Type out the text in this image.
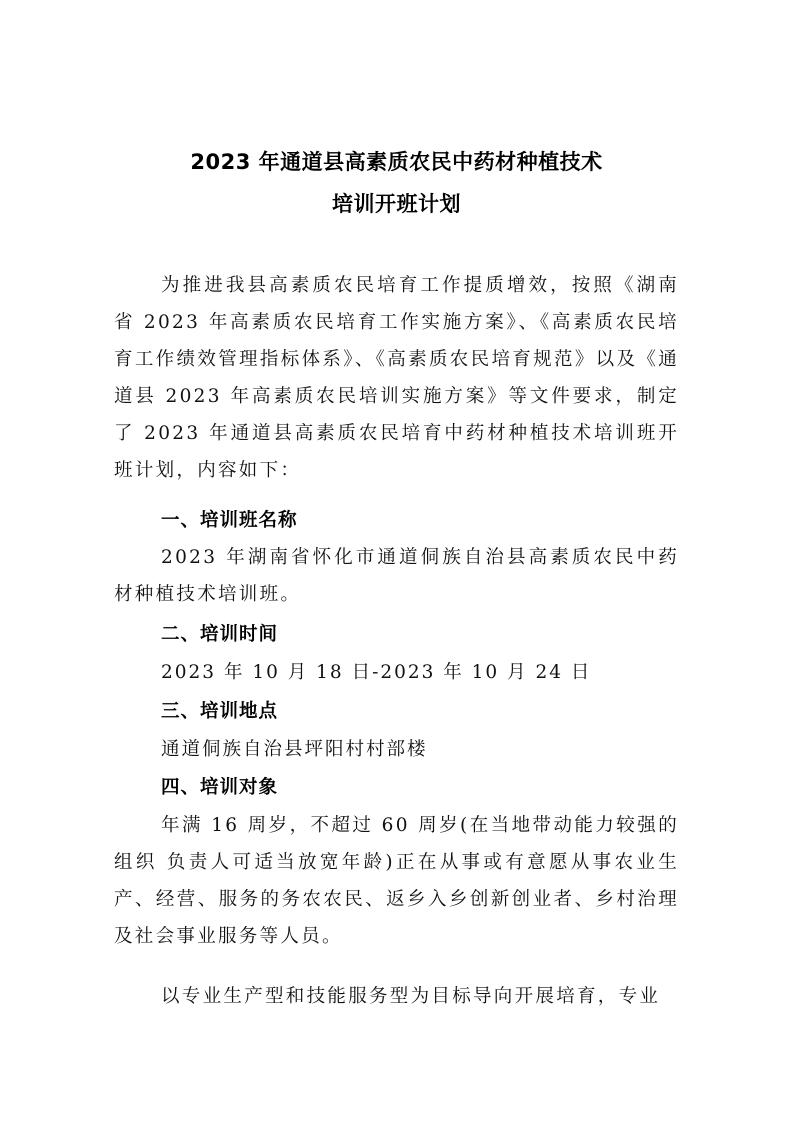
2023 年通道县高素质农民中药材种植技术
培训开班计划

为推进我县高素质农民培育工作提质增效，按照《湖南省 2023 年高素质农民培育工作实施方案》、《高素质农民培育工作绩效管理指标体系》、《高素质农民培育规范》以及《通道县 2023 年高素质农民培训实施方案》等文件要求，制定了 2023 年通道县高素质农民培育中药材种植技术培训班开班计划，内容如下：

一、培训班名称

2023 年湖南省怀化市通道侗族自治县高素质农民中药材种植技术培训班。

二、培训时间
2023 年 10 月 18 日-2023 年 10 月 24 日
三、培训地点
通道侗族自治县坪阳村村部楼
四、培训对象

年满 16 周岁，不超过 60 周岁(在当地带动能力较强的组织 负责人可适当放宽年龄)正在从事或有意愿从事农业生产、经营、服务的务农农民、返乡入乡创新创业者、乡村治理及社会事业服务等人员。

以专业生产型和技能服务型为目标导向开展培育，专业
